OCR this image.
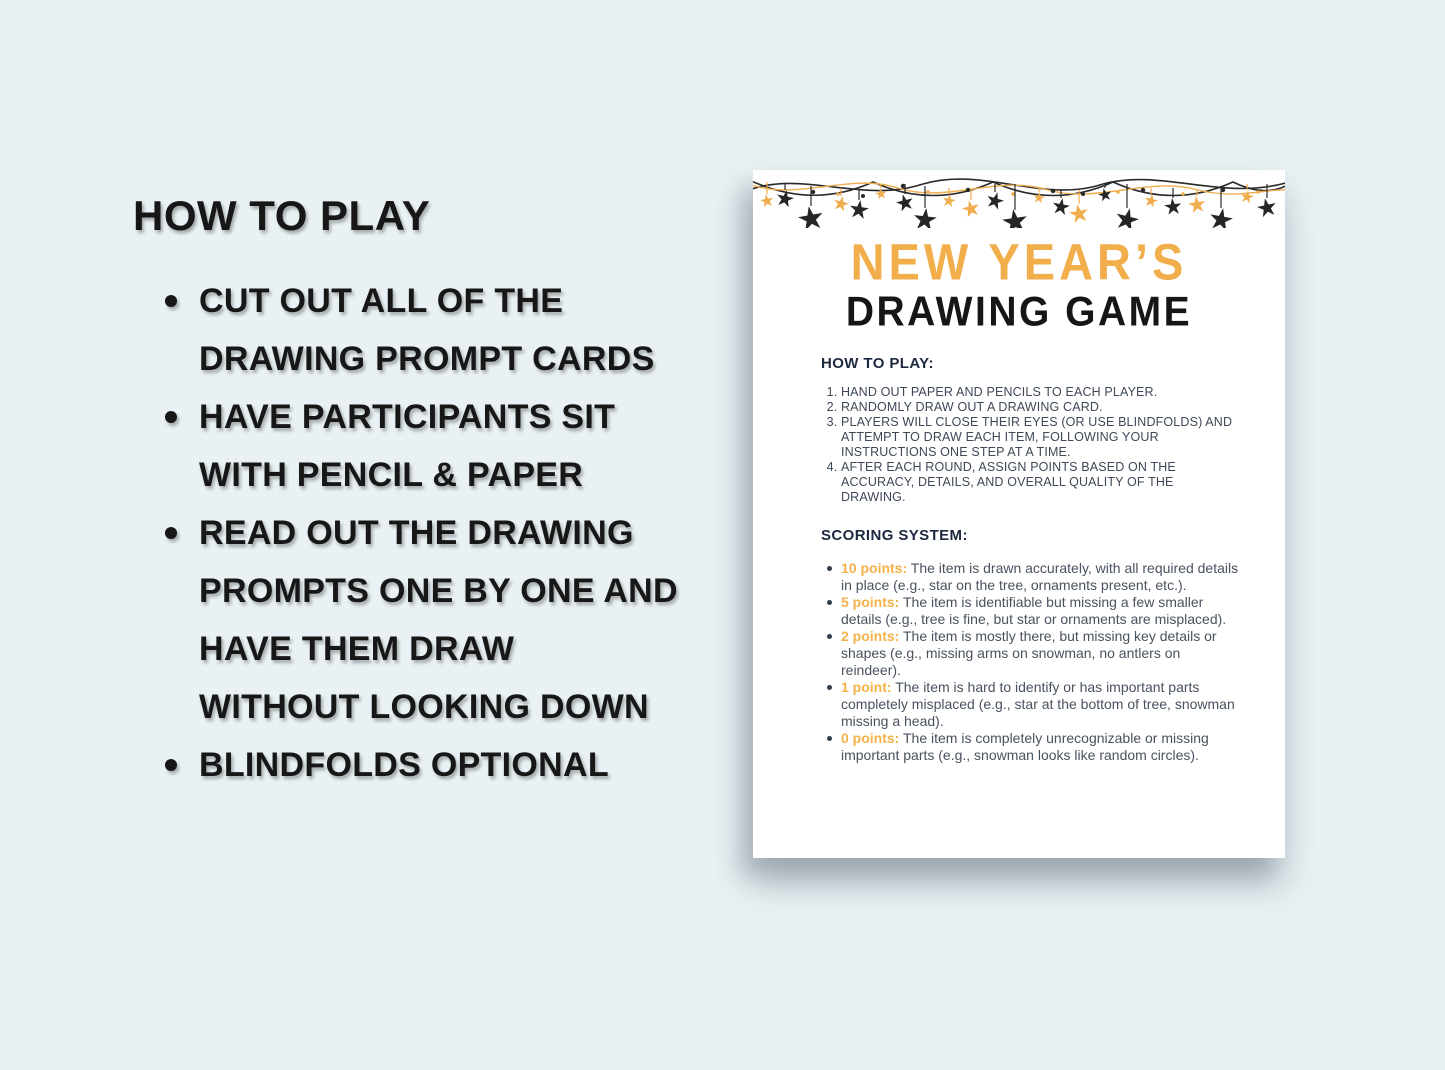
HOW TO PLAY
CUT OUT ALL OF THE
DRAWING PROMPT CARDS
HAVE PARTICIPANTS SIT
WITH PENCIL & PAPER
READ OUT THE DRAWING
PROMPTS ONE BY ONE AND
HAVE THEM DRAW
WITHOUT LOOKING DOWN
BLINDFOLDS OPTIONAL
NEW YEAR’S
DRAWING GAME
HOW TO PLAY:
1. HAND OUT PAPER AND PENCILS TO EACH PLAYER.
2. RANDOMLY DRAW OUT A DRAWING CARD.
3. PLAYERS WILL CLOSE THEIR EYES (OR USE BLINDFOLDS) AND ATTEMPT TO DRAW EACH ITEM, FOLLOWING YOUR INSTRUCTIONS ONE STEP AT A TIME.
4. AFTER EACH ROUND, ASSIGN POINTS BASED ON THE ACCURACY, DETAILS, AND OVERALL QUALITY OF THE DRAWING.
SCORING SYSTEM:
10 points: The item is drawn accurately, with all required details in place (e.g., star on the tree, ornaments present, etc.).
5 points: The item is identifiable but missing a few smaller details (e.g., tree is fine, but star or ornaments are misplaced).
2 points: The item is mostly there, but missing key details or shapes (e.g., missing arms on snowman, no antlers on reindeer).
1 point: The item is hard to identify or has important parts completely misplaced (e.g., star at the bottom of tree, snowman missing a head).
0 points: The item is completely unrecognizable or missing important parts (e.g., snowman looks like random circles).
